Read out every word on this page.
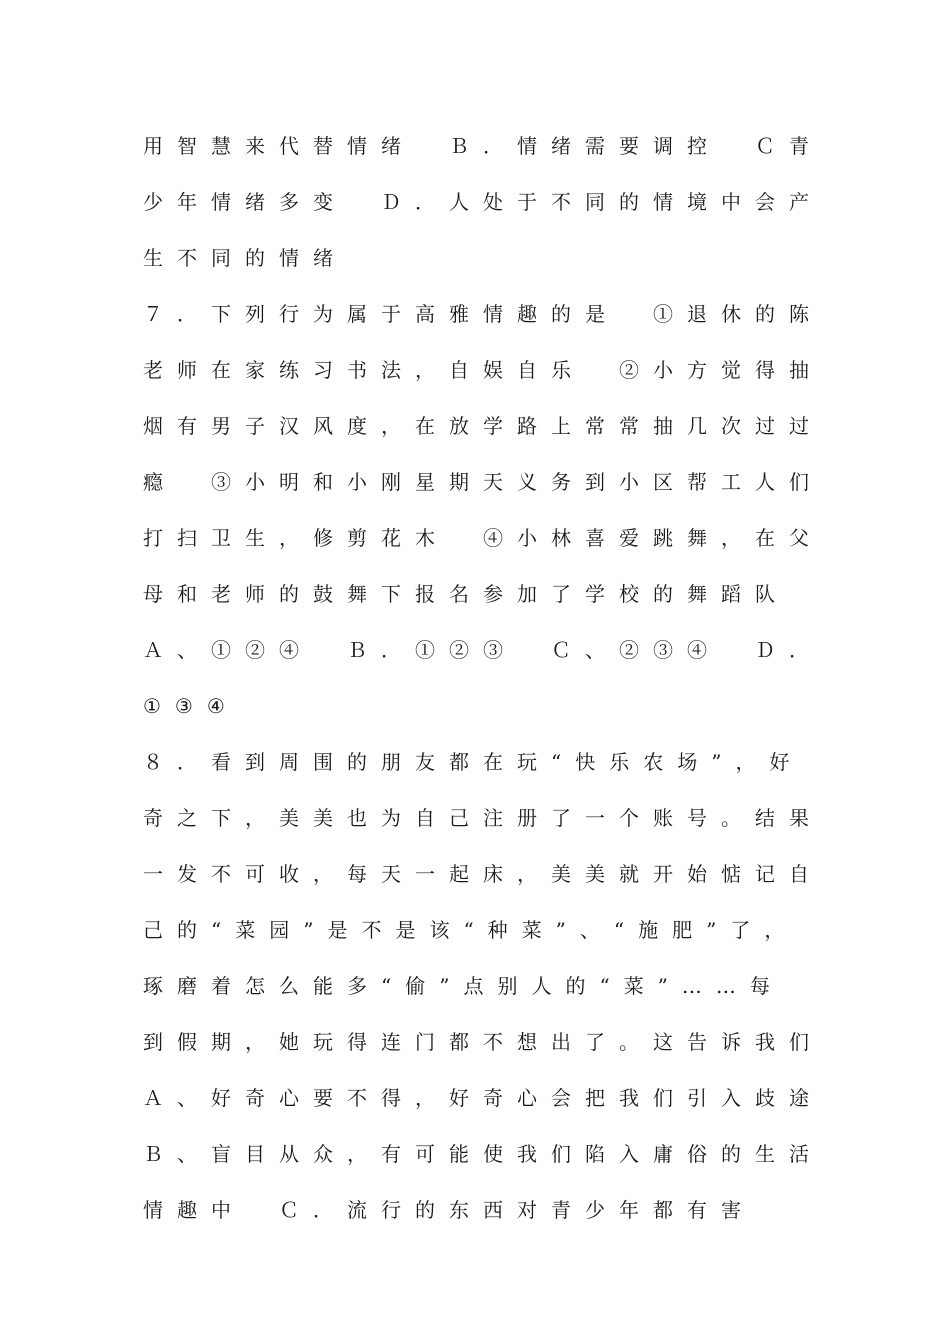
用智慧来代替情绪　Ｂ．情绪需要调控　Ｃ青
少年情绪多变　Ｄ．人处于不同的情境中会产
生不同的情绪
７．下列行为属于高雅情趣的是　①退休的陈
老师在家练习书法，自娱自乐　②小方觉得抽
烟有男子汉风度，在放学路上常常抽几次过过
瘾　③小明和小刚星期天义务到小区帮工人们
打扫卫生，修剪花木　④小林喜爱跳舞，在父
母和老师的鼓舞下报名参加了学校的舞蹈队
Ａ、①②④　Ｂ．①②③　Ｃ、②③④　Ｄ．
①③④
８．看到周围的朋友都在玩“快乐农场”，好
奇之下，美美也为自己注册了一个账号。结果
一发不可收，每天一起床，美美就开始惦记自
己的“菜园”是不是该“种菜”、“施肥”了，
琢磨着怎么能多“偷”点别人的“菜”……每
到假期，她玩得连门都不想出了。这告诉我们
Ａ、好奇心要不得，好奇心会把我们引入歧途
Ｂ、盲目从众，有可能使我们陷入庸俗的生活
情趣中　Ｃ．流行的东西对青少年都有害
